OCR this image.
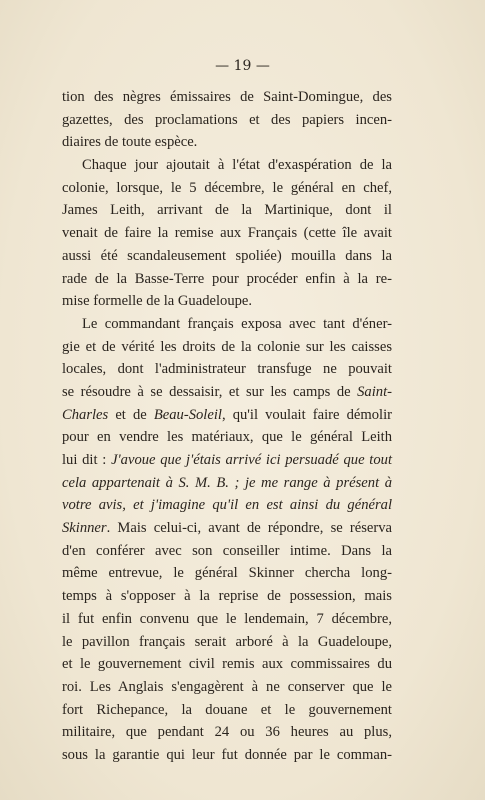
— 19 —
tion des nègres émissaires de Saint-Domingue, des
gazettes, des proclamations et des papiers incen-
diaires de toute espèce.
Chaque jour ajoutait à l'état d'exaspération de la
colonie, lorsque, le 5 décembre, le général en chef,
James Leith, arrivant de la Martinique, dont il
venait de faire la remise aux Français (cette île avait
aussi été scandaleusement spoliée) mouilla dans la
rade de la Basse-Terre pour procéder enfin à la re-
mise formelle de la Guadeloupe.
Le commandant français exposa avec tant d'éner-
gie et de vérité les droits de la colonie sur les caisses
locales, dont l'administrateur transfuge ne pouvait
se résoudre à se dessaisir, et sur les camps de Saint-
Charles et de Beau-Soleil, qu'il voulait faire démolir
pour en vendre les matériaux, que le général Leith
lui dit : J'avoue que j'étais arrivé ici persuadé que tout
cela appartenait à S. M. B. ; je me range à présent à
votre avis, et j'imagine qu'il en est ainsi du général
Skinner. Mais celui-ci, avant de répondre, se réserva
d'en conférer avec son conseiller intime. Dans la
même entrevue, le général Skinner chercha long-
temps à s'opposer à la reprise de possession, mais
il fut enfin convenu que le lendemain, 7 décembre,
le pavillon français serait arboré à la Guadeloupe,
et le gouvernement civil remis aux commissaires du
roi. Les Anglais s'engagèrent à ne conserver que le
fort Richepance, la douane et le gouvernement
militaire, que pendant 24 ou 36 heures au plus,
sous la garantie qui leur fut donnée par le comman-
